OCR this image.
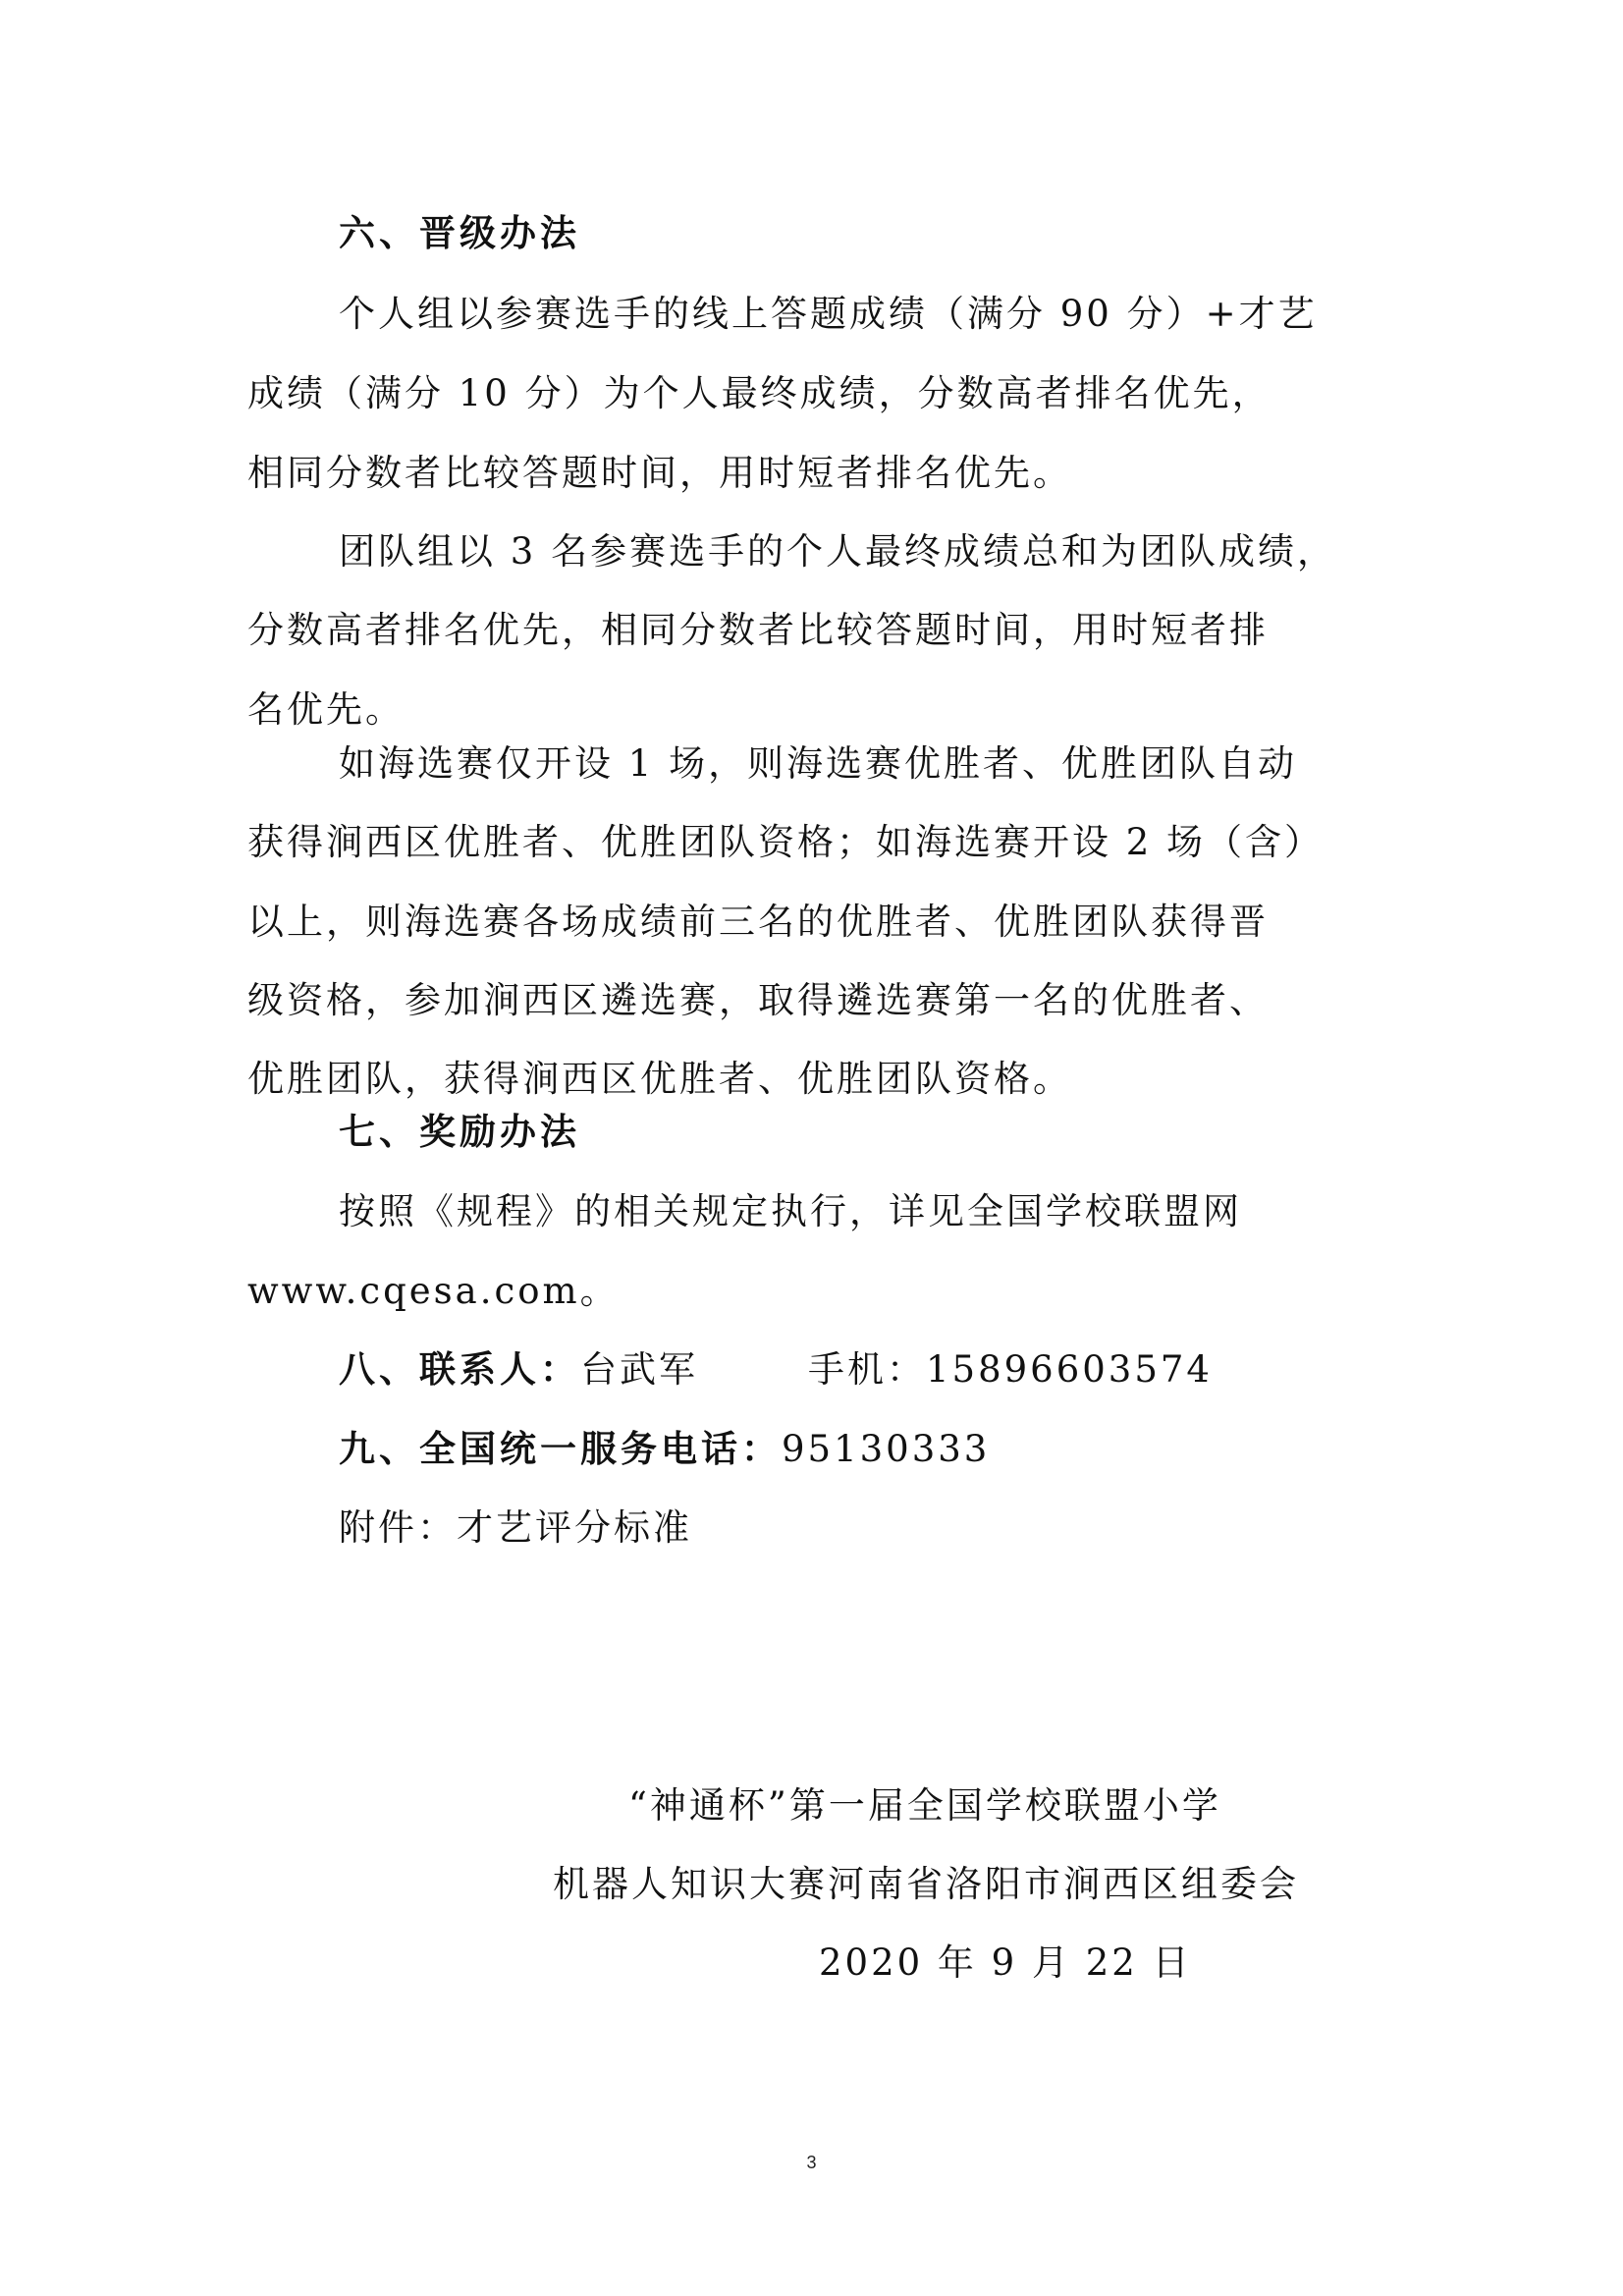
六、晋级办法
个人组以参赛选手的线上答题成绩（满分 90 分）+才艺
成绩（满分 10 分）为个人最终成绩，分数高者排名优先，
相同分数者比较答题时间，用时短者排名优先。
团队组以 3 名参赛选手的个人最终成绩总和为团队成绩，
分数高者排名优先，相同分数者比较答题时间，用时短者排
名优先。
如海选赛仅开设 1 场，则海选赛优胜者、优胜团队自动
获得涧西区优胜者、优胜团队资格；如海选赛开设 2 场（含）
以上，则海选赛各场成绩前三名的优胜者、优胜团队获得晋
级资格，参加涧西区遴选赛，取得遴选赛第一名的优胜者、
优胜团队，获得涧西区优胜者、优胜团队资格。
七、奖励办法
按照《规程》的相关规定执行，详见全国学校联盟网
www.cqesa.com。
八、联系人：台武军	手机：15896603574
九、全国统一服务电话：95130333
附件：才艺评分标准
“神通杯”第一届全国学校联盟小学
机器人知识大赛河南省洛阳市涧西区组委会
2020 年 9 月 22 日
3
